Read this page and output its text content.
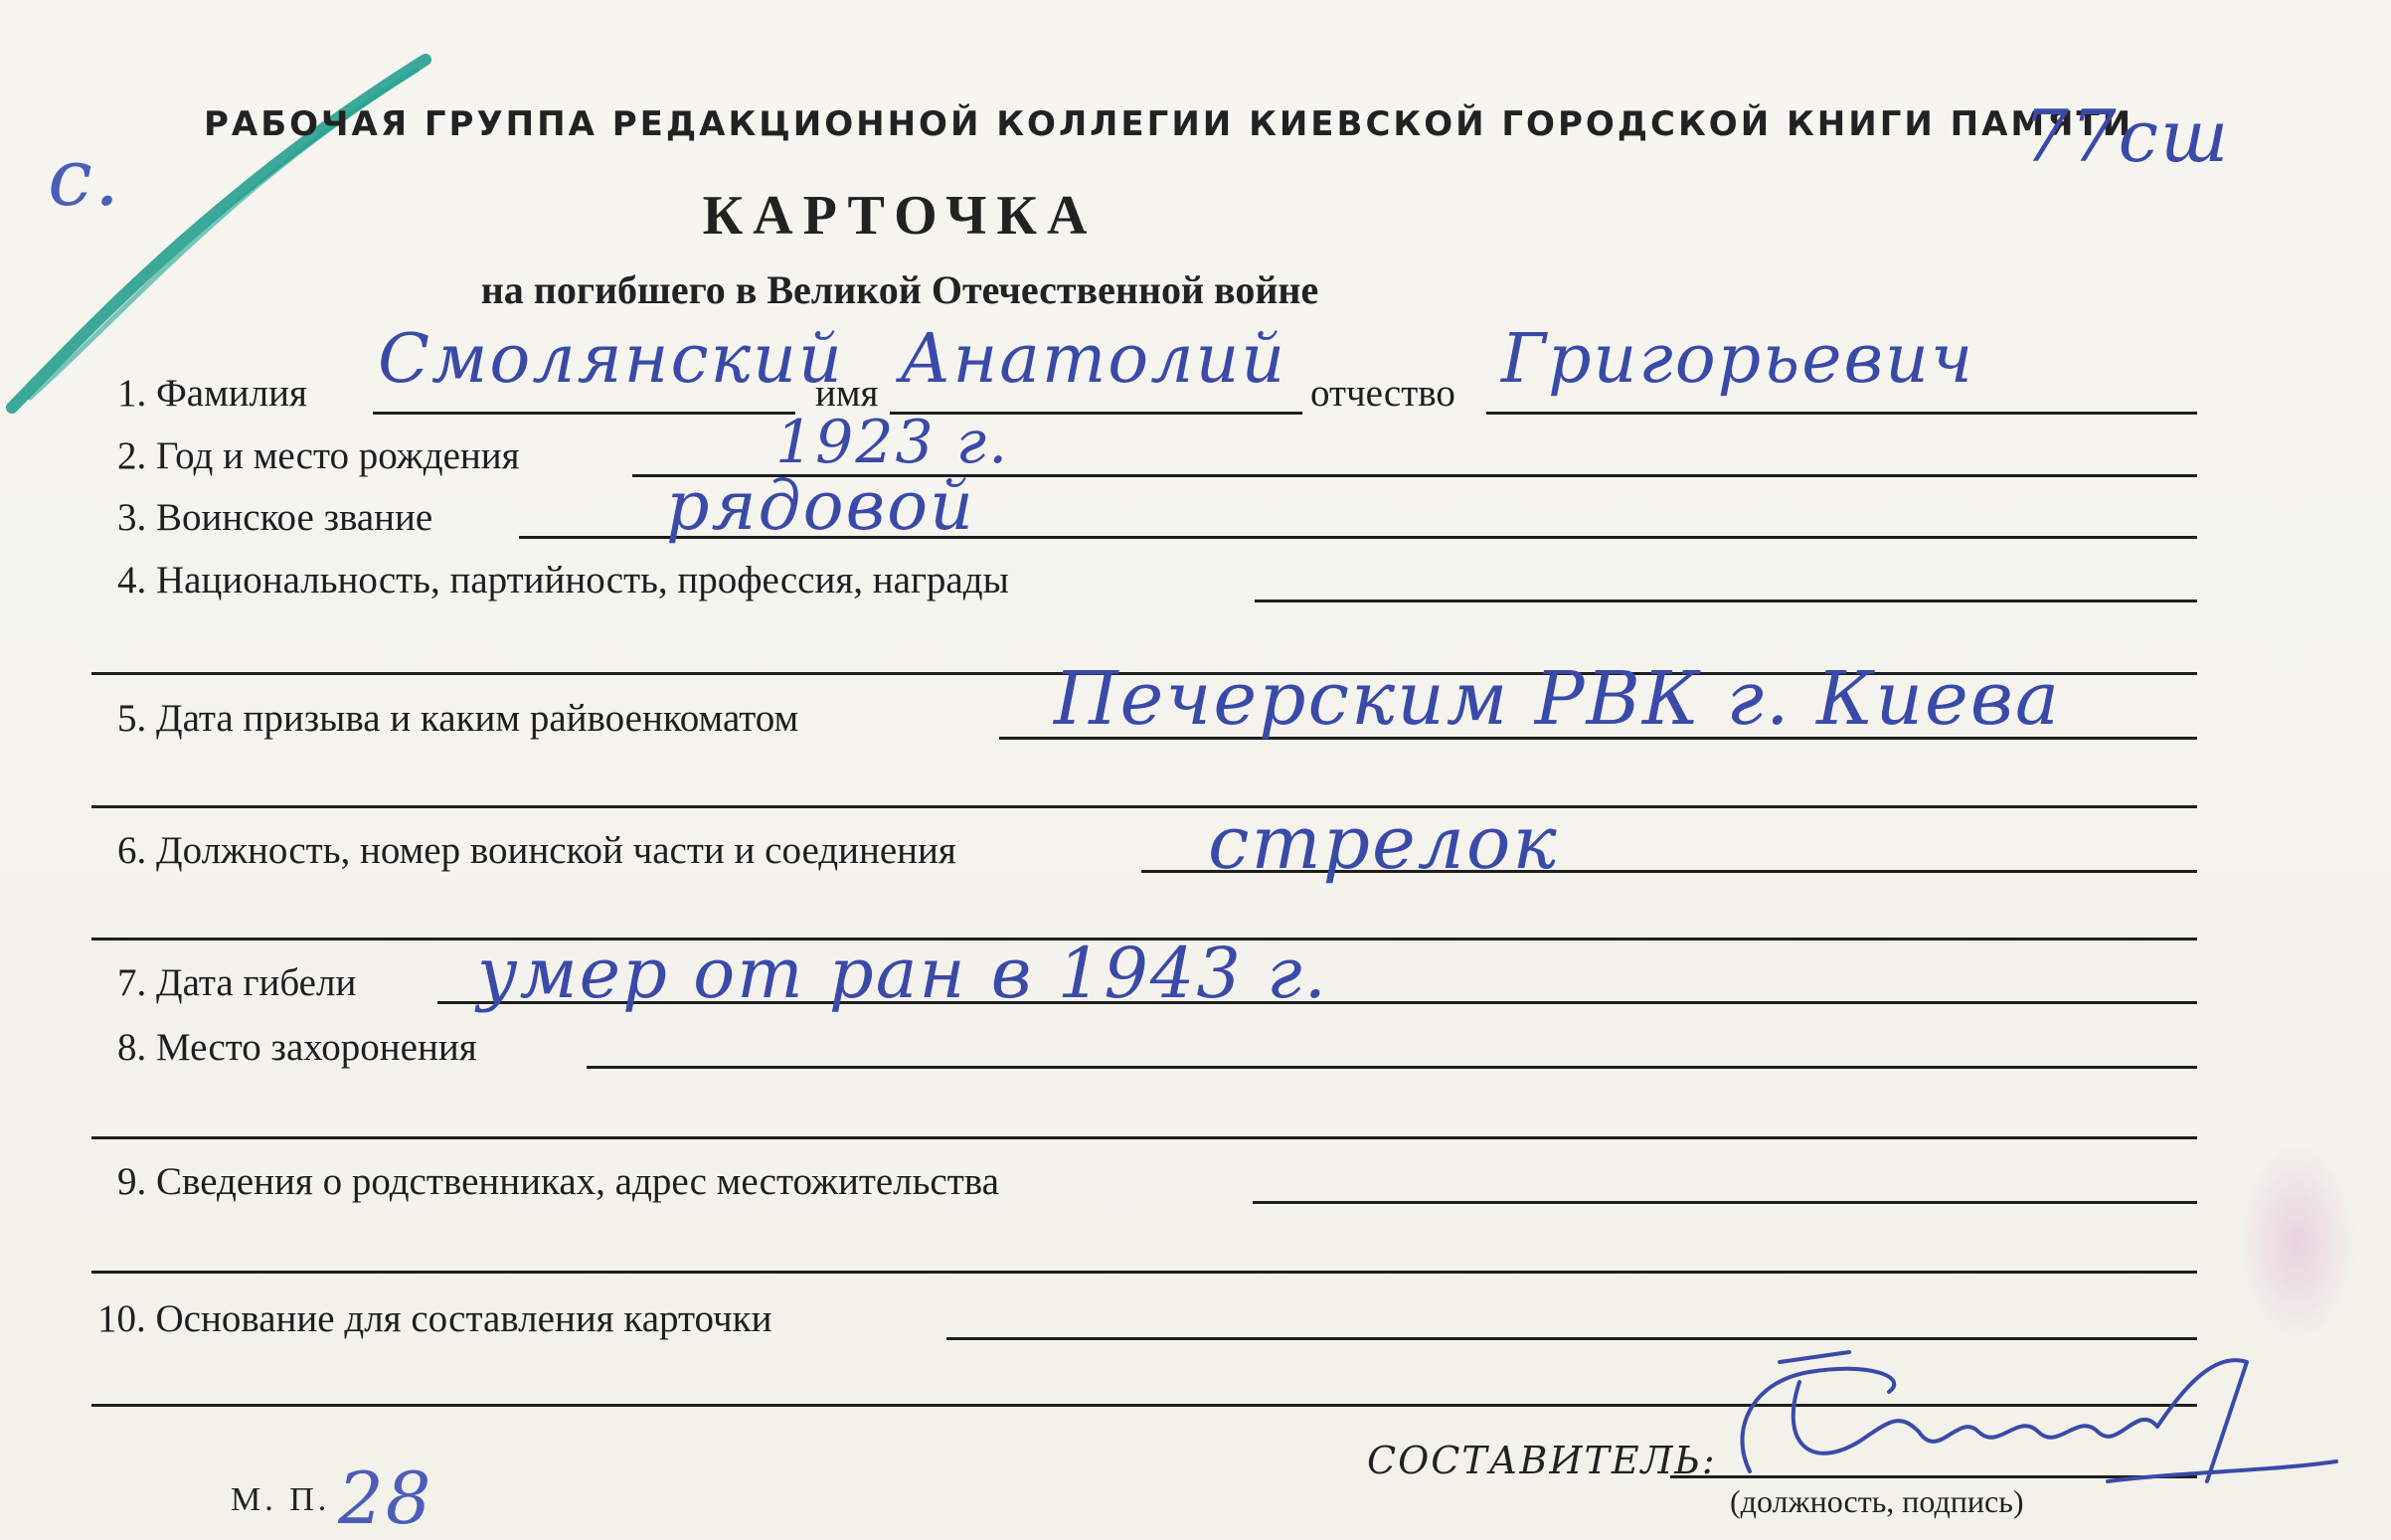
с.
РАБОЧАЯ ГРУППА РЕДАКЦИОННОЙ КОЛЛЕГИИ КИЕВСКОЙ ГОРОДСКОЙ КНИГИ ПАМЯТИ
77сш
КАРТОЧКА
на погибшего в Великой Отечественной войне
1. Фамилия Смолянский
имя Анатолий отчество Григорьевич
2. Год и место рождения	1923 г.
3. Воинское звание	рядовой
4. Национальность, партийность, профессия, награды
5. Дата призыва и каким райвоенкоматом	Печерским РВК г. Киева
6. Должность, номер воинской части и соединения	стрелок
7. Дата гибели умер от ран в 1943 г.
8. Место захоронения
9. Сведения о родственниках, адрес местожительства
10. Основание для составления карточки
СОСТАВИТЕЛЬ:
(должность, подпись)
М. П. 28
